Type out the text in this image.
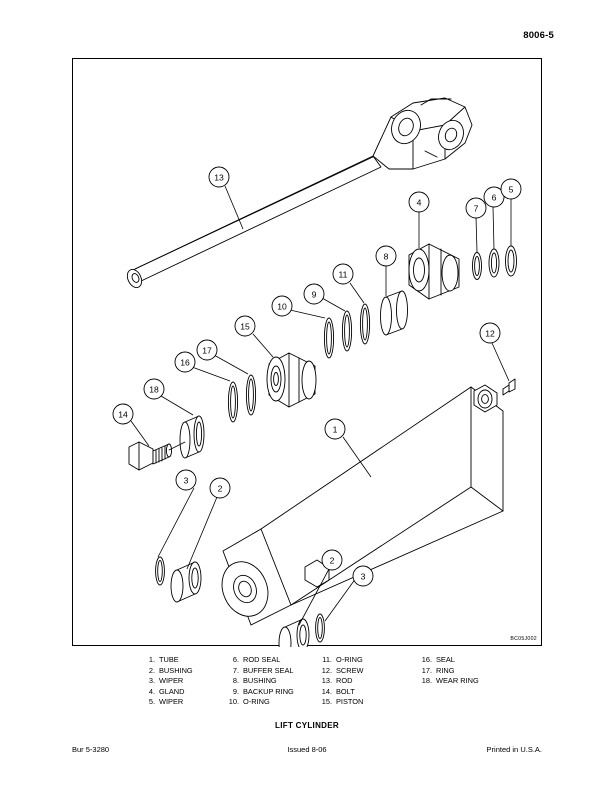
8006-5
13
7
6
5
4
8
11
9
10
15
17
16
18
14
12
1
3
2
2
3
BC05J002
1. TUBE
2. BUSHING
3. WIPER
4. GLAND
5. WIPER
6. ROD SEAL
7. BUFFER SEAL
8. BUSHING
9. BACKUP RING
10. O-RING
11. O-RING
12. SCREW
13. ROD
14. BOLT
15. PISTON
16. SEAL
17. RING
18. WEAR RING
LIFT CYLINDER
Bur 5-3280	Issued 8-06	Printed in U.S.A.
